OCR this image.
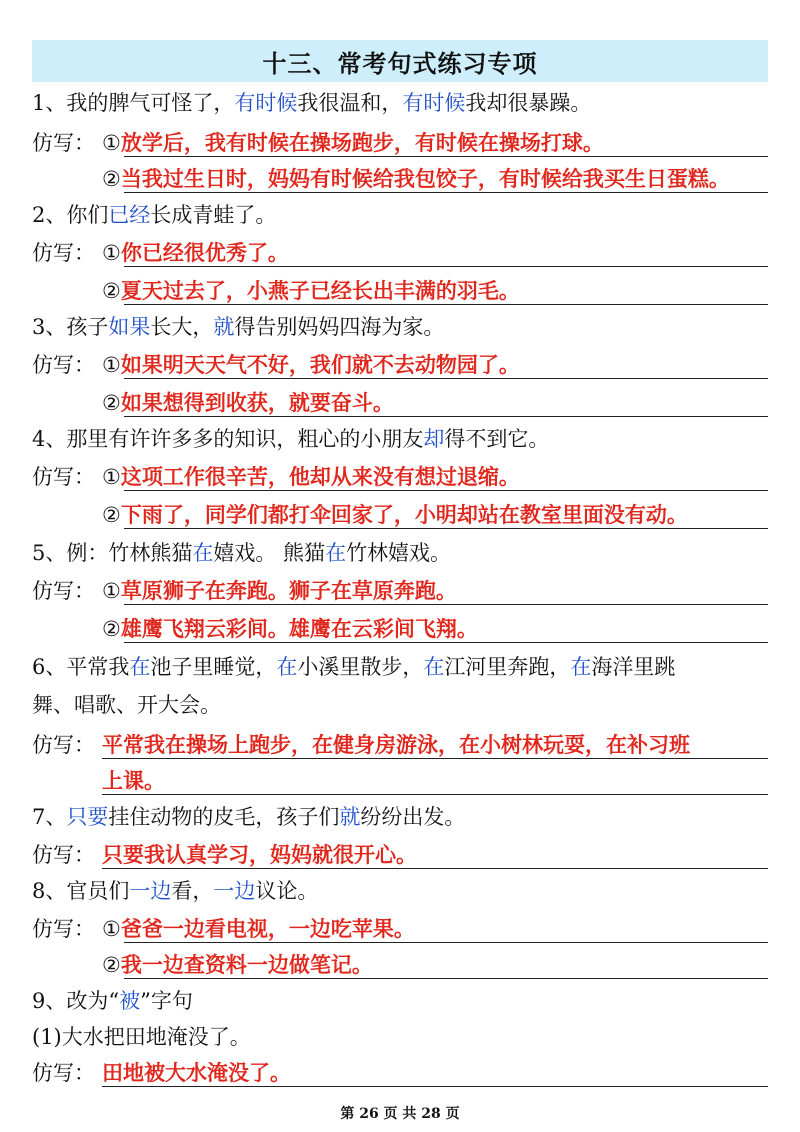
十三、常考句式练习专项
1、我的脾气可怪了，有时候我很温和，有时候我却很暴躁。
仿写： ①放学后，我有时候在操场跑步，有时候在操场打球。
②当我过生日时，妈妈有时候给我包饺子，有时候给我买生日蛋糕。
2、你们已经长成青蛙了。
仿写： ①你已经很优秀了。
②夏天过去了，小燕子已经长出丰满的羽毛。
3、孩子如果长大，就得告别妈妈四海为家。
仿写： ①如果明天天气不好，我们就不去动物园了。
②如果想得到收获，就要奋斗。
4、那里有许许多多的知识，粗心的小朋友却得不到它。
仿写： ①这项工作很辛苦，他却从来没有想过退缩。
②下雨了，同学们都打伞回家了，小明却站在教室里面没有动。
5、例：竹林熊猫在嬉戏。 熊猫在竹林嬉戏。
仿写： ①草原狮子在奔跑。狮子在草原奔跑。
②雄鹰飞翔云彩间。雄鹰在云彩间飞翔。
6、平常我在池子里睡觉，在小溪里散步，在江河里奔跑，在海洋里跳
舞、唱歌、开大会。
仿写： 平常我在操场上跑步，在健身房游泳，在小树林玩耍，在补习班
上课。
7、只要挂住动物的皮毛，孩子们就纷纷出发。
仿写： 只要我认真学习，妈妈就很开心。
8、官员们一边看，一边议论。
仿写： ①爸爸一边看电视，一边吃苹果。
②我一边查资料一边做笔记。
9、改为“被”字句
(1)大水把田地淹没了。
仿写： 田地被大水淹没了。
第 26 页 共 28 页
